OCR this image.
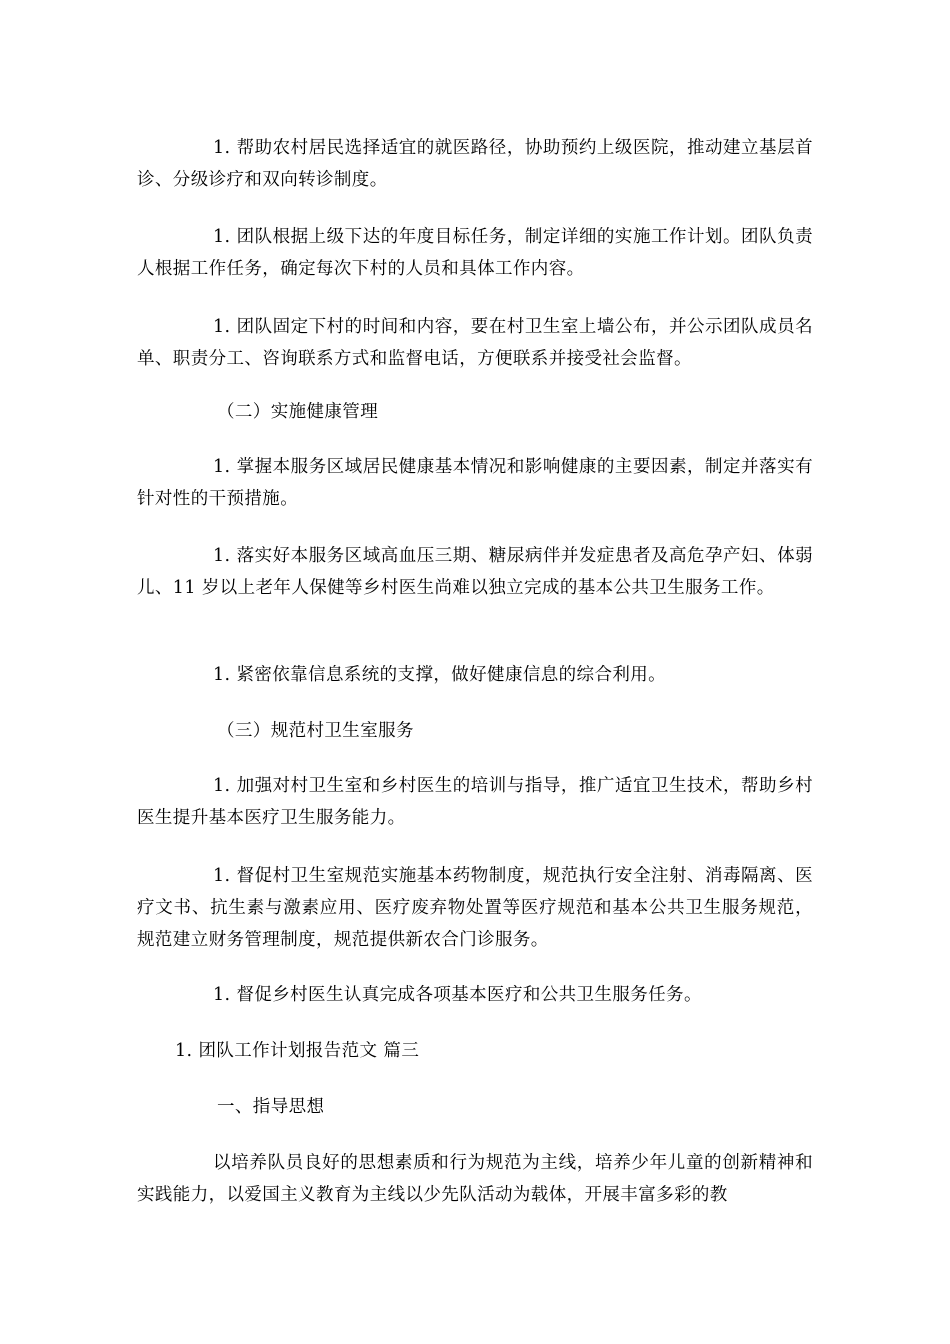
1. 帮助农村居民选择适宜的就医路径，协助预约上级医院，推动建立基层首诊、分级诊疗和双向转诊制度。

1. 团队根据上级下达的年度目标任务，制定详细的实施工作计划。团队负责人根据工作任务，确定每次下村的人员和具体工作内容。

1. 团队固定下村的时间和内容，要在村卫生室上墙公布，并公示团队成员名单、职责分工、咨询联系方式和监督电话，方便联系并接受社会监督。

（二）实施健康管理

1. 掌握本服务区域居民健康基本情况和影响健康的主要因素，制定并落实有针对性的干预措施。

1. 落实好本服务区域高血压三期、糖尿病伴并发症患者及高危孕产妇、体弱儿、11 岁以上老年人保健等乡村医生尚难以独立完成的基本公共卫生服务工作。

1. 紧密依靠信息系统的支撑，做好健康信息的综合利用。

（三）规范村卫生室服务

1. 加强对村卫生室和乡村医生的培训与指导，推广适宜卫生技术，帮助乡村医生提升基本医疗卫生服务能力。

1. 督促村卫生室规范实施基本药物制度，规范执行安全注射、消毒隔离、医疗文书、抗生素与激素应用、医疗废弃物处置等医疗规范和基本公共卫生服务规范，规范建立财务管理制度，规范提供新农合门诊服务。

1. 督促乡村医生认真完成各项基本医疗和公共卫生服务任务。

1. 团队工作计划报告范文 篇三

一、指导思想

以培养队员良好的思想素质和行为规范为主线，培养少年儿童的创新精神和实践能力，以爱国主义教育为主线以少先队活动为载体，开展丰富多彩的教
